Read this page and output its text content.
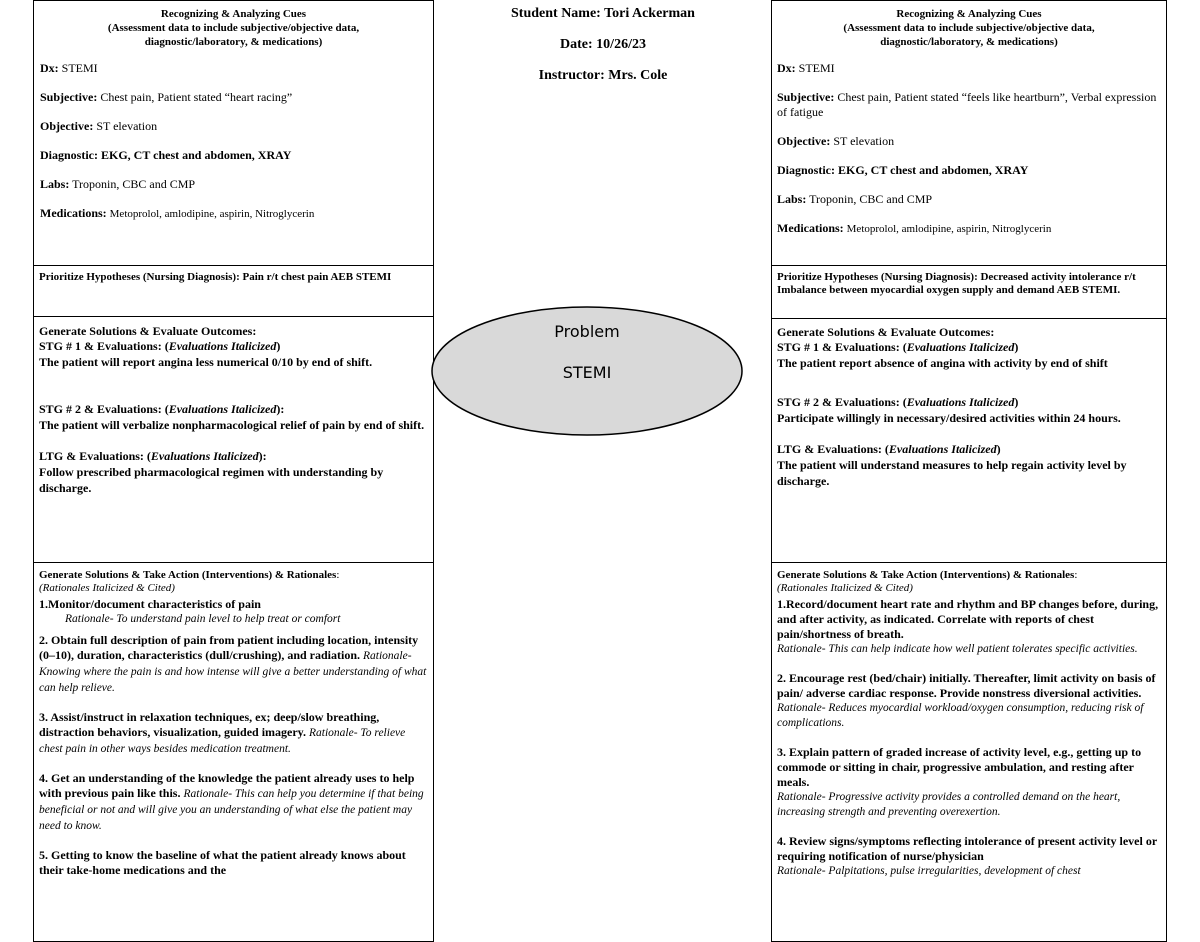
Recognizing & Analyzing Cues
(Assessment data to include subjective/objective data, diagnostic/laboratory, & medications)
Dx: STEMI
Subjective: Chest pain, Patient stated “heart racing”
Objective: ST elevation
Diagnostic: EKG, CT chest and abdomen, XRAY
Labs: Troponin, CBC and CMP
Medications: Metoprolol, amlodipine, aspirin, Nitroglycerin
Prioritize Hypotheses (Nursing Diagnosis): Pain r/t chest pain AEB STEMI
Generate Solutions & Evaluate Outcomes:
STG # 1 & Evaluations: (Evaluations Italicized)
The patient will report angina less numerical 0/10 by end of shift.
STG # 2 & Evaluations: (Evaluations Italicized):
The patient will verbalize nonpharmacological relief of pain by end of shift.
LTG & Evaluations: (Evaluations Italicized):
Follow prescribed pharmacological regimen with understanding by discharge.
Generate Solutions & Take Action (Interventions) & Rationales:
(Rationales Italicized & Cited)
1.Monitor/document characteristics of pain
Rationale- To understand pain level to help treat or comfort
2. Obtain full description of pain from patient including location, intensity (0–10), duration, characteristics (dull/crushing), and radiation. Rationale- Knowing where the pain is and how intense will give a better understanding of what can help relieve.
3. Assist/instruct in relaxation techniques, ex; deep/slow breathing, distraction behaviors, visualization, guided imagery. Rationale- To relieve chest pain in other ways besides medication treatment.
4. Get an understanding of the knowledge the patient already uses to help with previous pain like this. Rationale- This can help you determine if that being beneficial or not and will give you an understanding of what else the patient may need to know.
5. Getting to know the baseline of what the patient already knows about their take-home medications and the
Student Name: Tori Ackerman
Date: 10/26/23
Instructor: Mrs. Cole
Problem
STEMI
Recognizing & Analyzing Cues
(Assessment data to include subjective/objective data, diagnostic/laboratory, & medications)
Dx: STEMI
Subjective: Chest pain, Patient stated “feels like heartburn”, Verbal expression of fatigue
Objective: ST elevation
Diagnostic: EKG, CT chest and abdomen, XRAY
Labs: Troponin, CBC and CMP
Medications: Metoprolol, amlodipine, aspirin, Nitroglycerin
Prioritize Hypotheses (Nursing Diagnosis): Decreased activity intolerance r/t Imbalance between myocardial oxygen supply and demand AEB STEMI.
Generate Solutions & Evaluate Outcomes:
STG # 1 & Evaluations: (Evaluations Italicized)
The patient report absence of angina with activity by end of shift
STG # 2 & Evaluations: (Evaluations Italicized)
Participate willingly in necessary/desired activities within 24 hours.
LTG & Evaluations: (Evaluations Italicized)
The patient will understand measures to help regain activity level by discharge.
Generate Solutions & Take Action (Interventions) & Rationales:
(Rationales Italicized & Cited)
1.Record/document heart rate and rhythm and BP changes before, during, and after activity, as indicated. Correlate with reports of chest pain/shortness of breath.
Rationale- This can help indicate how well patient tolerates specific activities.
2. Encourage rest (bed/chair) initially. Thereafter, limit activity on basis of pain/ adverse cardiac response. Provide nonstress diversional activities.
Rationale- Reduces myocardial workload/oxygen consumption, reducing risk of complications.
3. Explain pattern of graded increase of activity level, e.g., getting up to commode or sitting in chair, progressive ambulation, and resting after meals.
Rationale- Progressive activity provides a controlled demand on the heart, increasing strength and preventing overexertion.
4. Review signs/symptoms reflecting intolerance of present activity level or requiring notification of nurse/physician
Rationale- Palpitations, pulse irregularities, development of chest
